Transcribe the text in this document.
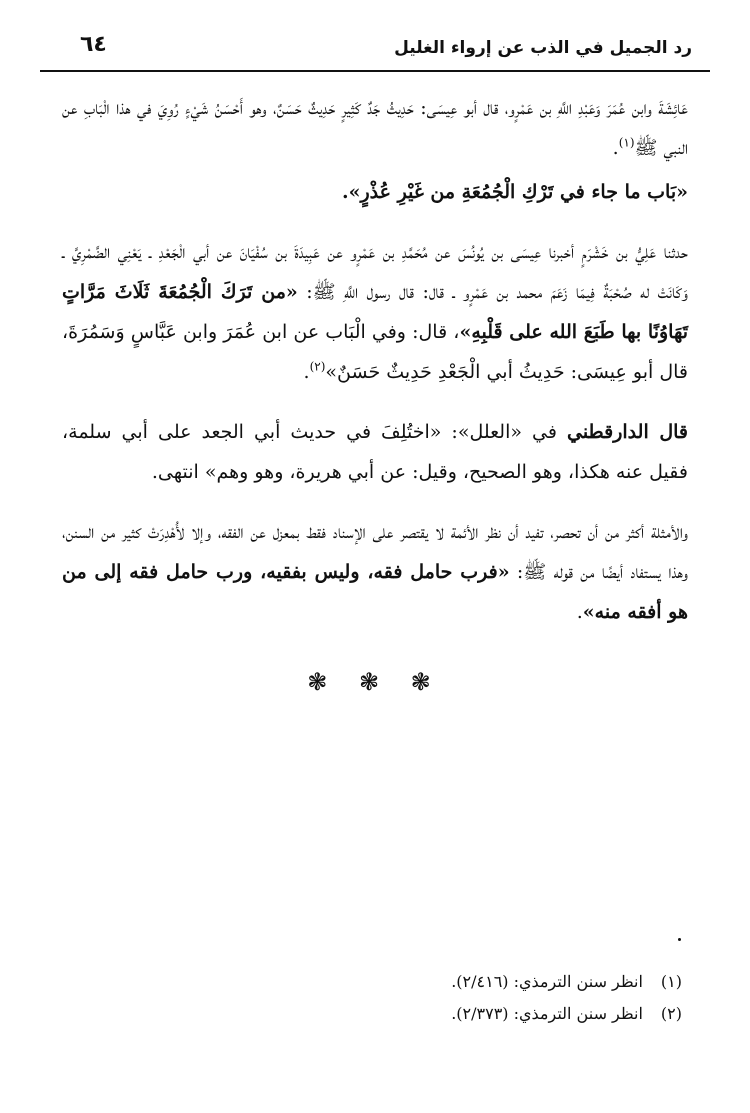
رد الجميل في الذب عن إرواء الغليل
٦٤

عَائِشَةَ وابن عُمَرَ وَعَبْدِ اللَّهِ بن عَمْرٍو، قال أبو عِيسَى: حَدِيثُ جَدٌ كَثِيرٍ حَدِيثٌ حَسَنٌ، وهو أَحْسَنُ شَيْءٍ رُوِيَ في هذا الْبَابِ عن النبي ﷺ$^{(١)}$.

«بَاب ما جاء في تَرْكِ الْجُمُعَةِ من غَيْرِ عُذْرٍ».

حدثنا عَلِيُّ بن خَشْرَمٍ أخبرنا عِيسَى بن يُونُسَ عن مُحَمَّدِ بن عَمْرٍو عن عَبِيدَةَ بن سُفْيَانَ عن أبي الْجَعْدِ ـ يَعْنِي الضَّمْرِيَّ ـ وَكَانَتْ له صُحْبَةٌ فِيمَا زَعَمَ محمد بن عَمْرٍو ـ قال: قال رسول اللَّهِ ﷺ: «من تَرَكَ الْجُمُعَةَ ثَلَاثَ مَرَّاتٍ تَهَاوُنًا بها طَبَعَ الله على قَلْبِهِ»، قال: وفي الْبَاب عن ابن عُمَرَ وابن عَبَّاسٍ وَسَمُرَةَ، قال أبو عِيسَى: حَدِيثُ أبي الْجَعْدِ حَدِيثٌ حَسَنٌ»$^{(٢)}$.

قال الدارقطني في «العلل»: «اختُلِفَ في حديث أبي الجعد على أبي سلمة، فقيل عنه هكذا، وهو الصحيح، وقيل: عن أبي هريرة، وهو وهم» انتهى.

والأمثلة أكثر من أن تحصر، تفيد أن نظر الأئمة لا يقتصر على الإسناد فقط بمعزل عن الفقه، وإلا لأُهْدِرَتْ كثير من السنن، وهذا يستفاد أيضًا من قوله ﷺ: «فرب حامل فقه، وليس بفقيه، ورب حامل فقه إلى من هو أفقه منه».

❃ ❃ ❃
(١) انظر سنن الترمذي: (٢/٤١٦).
(٢) انظر سنن الترمذي: (٢/٣٧٣).
